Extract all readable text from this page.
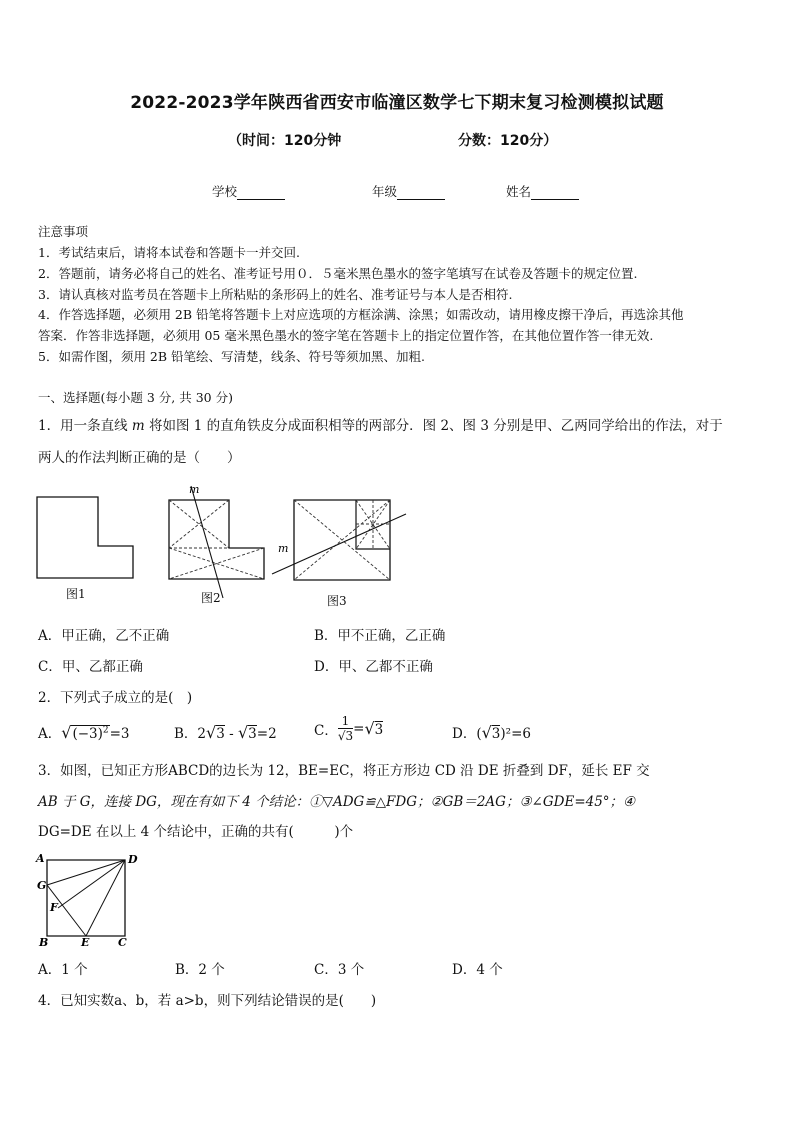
2022-2023学年陕西省西安市临潼区数学七下期末复习检测模拟试题
（时间：120分钟	分数：120分）
学校	年级	姓名
注意事项
1．考试结束后，请将本试卷和答题卡一并交回.
2．答题前，请务必将自己的姓名、准考证号用０．５毫米黑色墨水的签字笔填写在试卷及答题卡的规定位置.
3．请认真核对监考员在答题卡上所粘贴的条形码上的姓名、准考证号与本人是否相符.
4．作答选择题，必须用 2B 铅笔将答题卡上对应选项的方框涂满、涂黑；如需改动，请用橡皮擦干净后，再选涂其他
答案．作答非选择题，必须用 05 毫米黑色墨水的签字笔在答题卡上的指定位置作答，在其他位置作答一律无效.
5．如需作图，须用 2B 铅笔绘、写清楚，线条、符号等须加黑、加粗.
一、选择题(每小题 3 分, 共 30 分)
1．用一条直线 m 将如图 1 的直角铁皮分成面积相等的两部分．图 2、图 3 分别是甲、乙两同学给出的作法，对于
两人的作法判断正确的是（　　）
图1
m
图2
m
图3
A．甲正确，乙不正确	B．甲不正确，乙正确
C．甲、乙都正确	D．甲、乙都不正确
2．下列式子成立的是(　)
A．$√(-3)^2=3$	B．2√3 - √3=2	C． $\frac{1}{√3} =√3$	D．(√3)²=6
3．如图，已知正方形ABCD的边长为 12，BE=EC，将正方形边 CD 沿 DE 折叠到 DF，延长 EF 交
AB 于 G，连接 DG，现在有如下 4 个结论：①▽ADG≌△FDG；②GB＝2AG；③∠GDE=45°；④
DG=DE 在以上 4 个结论中，正确的共有(　　　)个
A	D
G
F
B	E	C
A．1 个	B．2 个	C．3 个	D．4 个
4．已知实数a、b，若 a>b，则下列结论错误的是(　　)
